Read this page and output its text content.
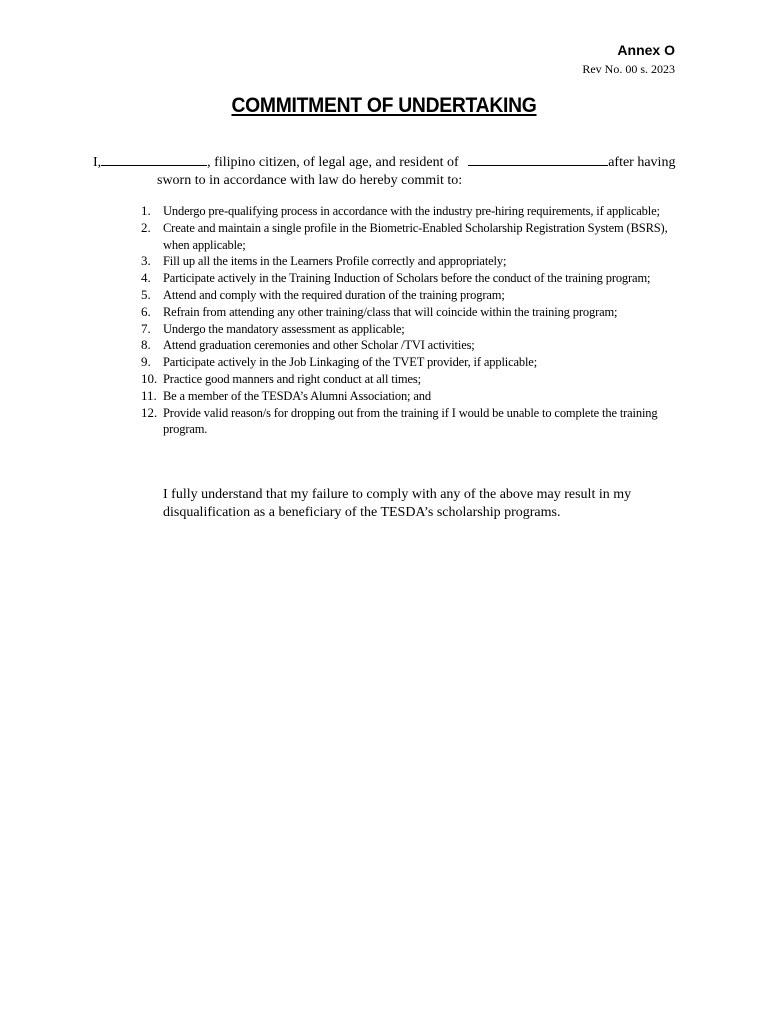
Annex O
Rev No. 00 s. 2023
COMMITMENT OF UNDERTAKING
I,	, filipino citizen, of legal age, and resident of	after having
sworn to in accordance with law do hereby commit to:
1. Undergo pre-qualifying process in accordance with the industry pre-hiring requirements, if applicable;
2. Create and maintain a single profile in the Biometric-Enabled Scholarship Registration System (BSRS), when applicable;
3. Fill up all the items in the Learners Profile correctly and appropriately;
4. Participate actively in the Training Induction of Scholars before the conduct of the training program;
5. Attend and comply with the required duration of the training program;
6. Refrain from attending any other training/class that will coincide within the training program;
7. Undergo the mandatory assessment as applicable;
8. Attend graduation ceremonies and other Scholar /TVI activities;
9. Participate actively in the Job Linkaging of the TVET provider, if applicable;
10. Practice good manners and right conduct at all times;
11. Be a member of the TESDA’s Alumni Association; and
12. Provide valid reason/s for dropping out from the training if I would be unable to complete the training program.
I fully understand that my failure to comply with any of the above may result in my disqualification as a beneficiary of the TESDA’s scholarship programs.
